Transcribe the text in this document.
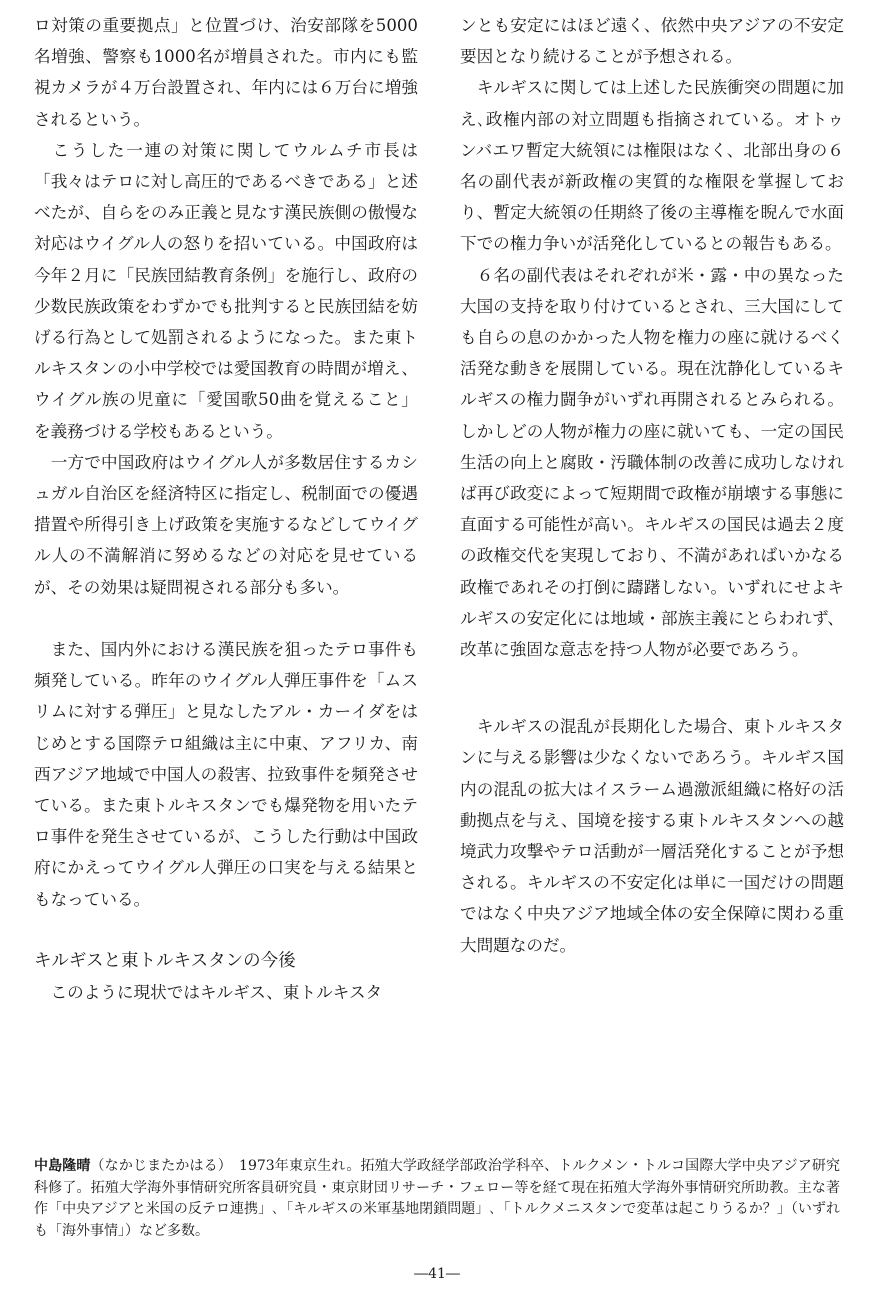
ロ対策の重要拠点」と位置づけ、治安部隊を5000名増強、警察も1000名が増員された。市内にも監視カメラが４万台設置され、年内には６万台に増強されるという。

　こうした一連の対策に関してウルムチ市長は「我々はテロに対し高圧的であるべきである」と述べたが、自らをのみ正義と見なす漢民族側の傲慢な対応はウイグル人の怒りを招いている。中国政府は今年２月に「民族団結教育条例」を施行し、政府の少数民族政策をわずかでも批判すると民族団結を妨げる行為として処罰されるようになった。また東トルキスタンの小中学校では愛国教育の時間が増え、ウイグル族の児童に「愛国歌50曲を覚えること」を義務づける学校もあるという。

　一方で中国政府はウイグル人が多数居住するカシュガル自治区を経済特区に指定し、税制面での優遇措置や所得引き上げ政策を実施するなどしてウイグル人の不満解消に努めるなどの対応を見せているが、その効果は疑問視される部分も多い。

　また、国内外における漢民族を狙ったテロ事件も頻発している。昨年のウイグル人弾圧事件を「ムスリムに対する弾圧」と見なしたアル・カーイダをはじめとする国際テロ組織は主に中東、アフリカ、南西アジア地域で中国人の殺害、拉致事件を頻発させている。また東トルキスタンでも爆発物を用いたテロ事件を発生させているが、こうした行動は中国政府にかえってウイグル人弾圧の口実を与える結果ともなっている。

キルギスと東トルキスタンの今後

　このように現状ではキルギス、東トルキスタ

ンとも安定にはほど遠く、依然中央アジアの不安定要因となり続けることが予想される。

　キルギスに関しては上述した民族衝突の問題に加え､政権内部の対立問題も指摘されている。オトゥンバエワ暫定大統領には権限はなく、北部出身の６名の副代表が新政権の実質的な権限を掌握しており、暫定大統領の任期終了後の主導権を睨んで水面下での権力争いが活発化しているとの報告もある。

　６名の副代表はそれぞれが米・露・中の異なった大国の支持を取り付けているとされ、三大国にしても自らの息のかかった人物を権力の座に就けるべく活発な動きを展開している。現在沈静化しているキルギスの権力闘争がいずれ再開されるとみられる。しかしどの人物が権力の座に就いても、一定の国民生活の向上と腐敗・汚職体制の改善に成功しなければ再び政変によって短期間で政権が崩壊する事態に直面する可能性が高い。キルギスの国民は過去２度の政権交代を実現しており、不満があればいかなる政権であれその打倒に躊躇しない。いずれにせよキルギスの安定化には地域・部族主義にとらわれず、改革に強固な意志を持つ人物が必要であろう。

　キルギスの混乱が長期化した場合、東トルキスタンに与える影響は少なくないであろう。キルギス国内の混乱の拡大はイスラーム過激派組織に格好の活動拠点を与え、国境を接する東トルキスタンへの越境武力攻撃やテロ活動が一層活発化することが予想される。キルギスの不安定化は単に一国だけの問題ではなく中央アジア地域全体の安全保障に関わる重大問題なのだ。

中島隆晴（なかじまたかはる）　1973年東京生れ。拓殖大学政経学部政治学科卒、トルクメン・トルコ国際大学中央アジア研究科修了。拓殖大学海外事情研究所客員研究員・東京財団リサーチ・フェロー等を経て現在拓殖大学海外事情研究所助教。主な著作「中央アジアと米国の反テロ連携」､「キルギスの米軍基地閉鎖問題」､「トルクメニスタンで変革は起こりうるか？」（いずれも「海外事情」）など多数。

―41―
